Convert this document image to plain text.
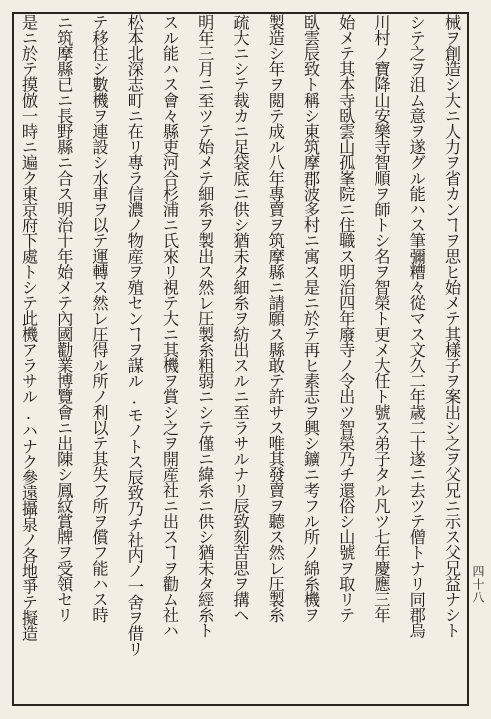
四十八
械ヲ創造シ大ニ人力ヲ省カンヿヲ思ヒ始メテ其樣子ヲ案出シ之ヲ父兄ニ示ス父兄益ナシト
シテ之ヲ沮ム意ヲ遂グル能ハス筆彌糟々從マス文久二年歳二十遂ニ去ツテ僧トナリ同郡烏
川村ノ寶降山安樂寺智順ヲ師トシ名ヲ智榮ト更メ大任ト號ス弟子タル凡ツ七年慶應三年
始メテ其本寺臥雲山孤峯院ニ住職ス明治四年廢寺ノ令出ツ智榮乃チ還俗シ山號ヲ取リテ
臥雲辰致ト稱シ東筑摩郡波多村ニ寓ス是ニ於テ再ヒ素志ヲ興シ鑛ニ考フル所ノ綿糸機ヲ
製造シ年ヲ閲テ成ル八年專賣ヲ筑摩縣ニ請願ス縣敢テ許サス唯其發賣ヲ聽ス然レ圧製糸
疏大ニシテ裁カニ足袋底ニ供シ猶未タ細糸ヲ紡出スルニ至ラサルナリ辰致刻苦思ヲ搆ヘ
明年三月ニ至ツテ始メテ細糸ヲ製出ス然レ圧製糸粗弱ニシテ僅ニ緯糸ニ供シ猶未タ經糸ト
スル能ハス會々縣吏河合杉浦ニ氏來リ視テ大ニ其機ヲ賞シ之ヲ開産社ニ出スヿヲ勸ム社ハ
松本北深志町ニ在リ專ラ信濃ノ物産ヲ殖センヿヲ謀ル.モノトス辰致乃チ社内ノ一舍ヲ借リ
テ移住シ數機ヲ連設シ水車ヲ以テ運轉ス然レ圧得ル所ノ利以テ其失フ所ヲ償フ能ハス時
ニ筑摩縣已ニ長野縣ニ合ス明治十年始メテ內國勸業博覽會ニ出陳シ鳳紋賞牌ヲ受領セリ
是ニ於テ摸倣一時ニ遍ク東京府下處トシテ此機アラサル.ハナク參遠攝泉ノ各地爭テ擬造
